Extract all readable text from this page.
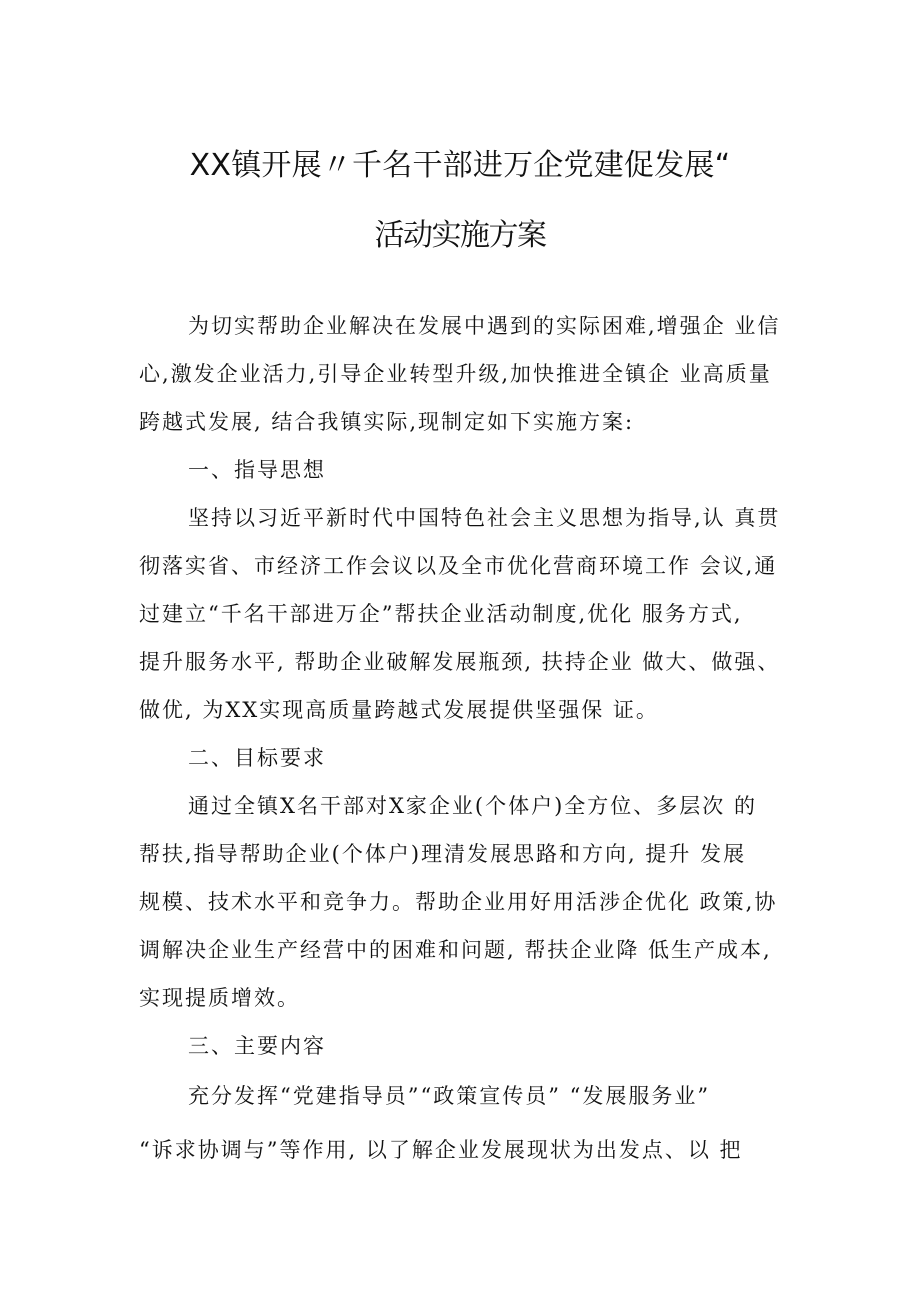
XX镇开展〃千名干部进万企党建促发展“
活动实施方案
为切实帮助企业解决在发展中遇到的实际困难,增强企 业信
心,激发企业活力,引导企业转型升级,加快推进全镇企 业高质量
跨越式发展, 结合我镇实际,现制定如下实施方案:
一、指导思想
坚持以习近平新时代中国特色社会主义思想为指导,认 真贯
彻落实省、市经济工作会议以及全市优化营商环境工作 会议,通
过建立“千名干部进万企”帮扶企业活动制度,优化 服务方式,
提升服务水平, 帮助企业破解发展瓶颈, 扶持企业 做大、做强、
做优, 为XX实现高质量跨越式发展提供坚强保 证。
二、目标要求
通过全镇X名干部对X家企业(个体户)全方位、多层次 的
帮扶,指导帮助企业(个体户)理清发展思路和方向, 提升 发展
规模、技术水平和竞争力。帮助企业用好用活涉企优化 政策,协
调解决企业生产经营中的困难和问题, 帮扶企业降 低生产成本,
实现提质增效。
三、主要内容
充分发挥“党建指导员”“政策宣传员” “发展服务业”
“诉求协调与”等作用, 以了解企业发展现状为出发点、以 把
